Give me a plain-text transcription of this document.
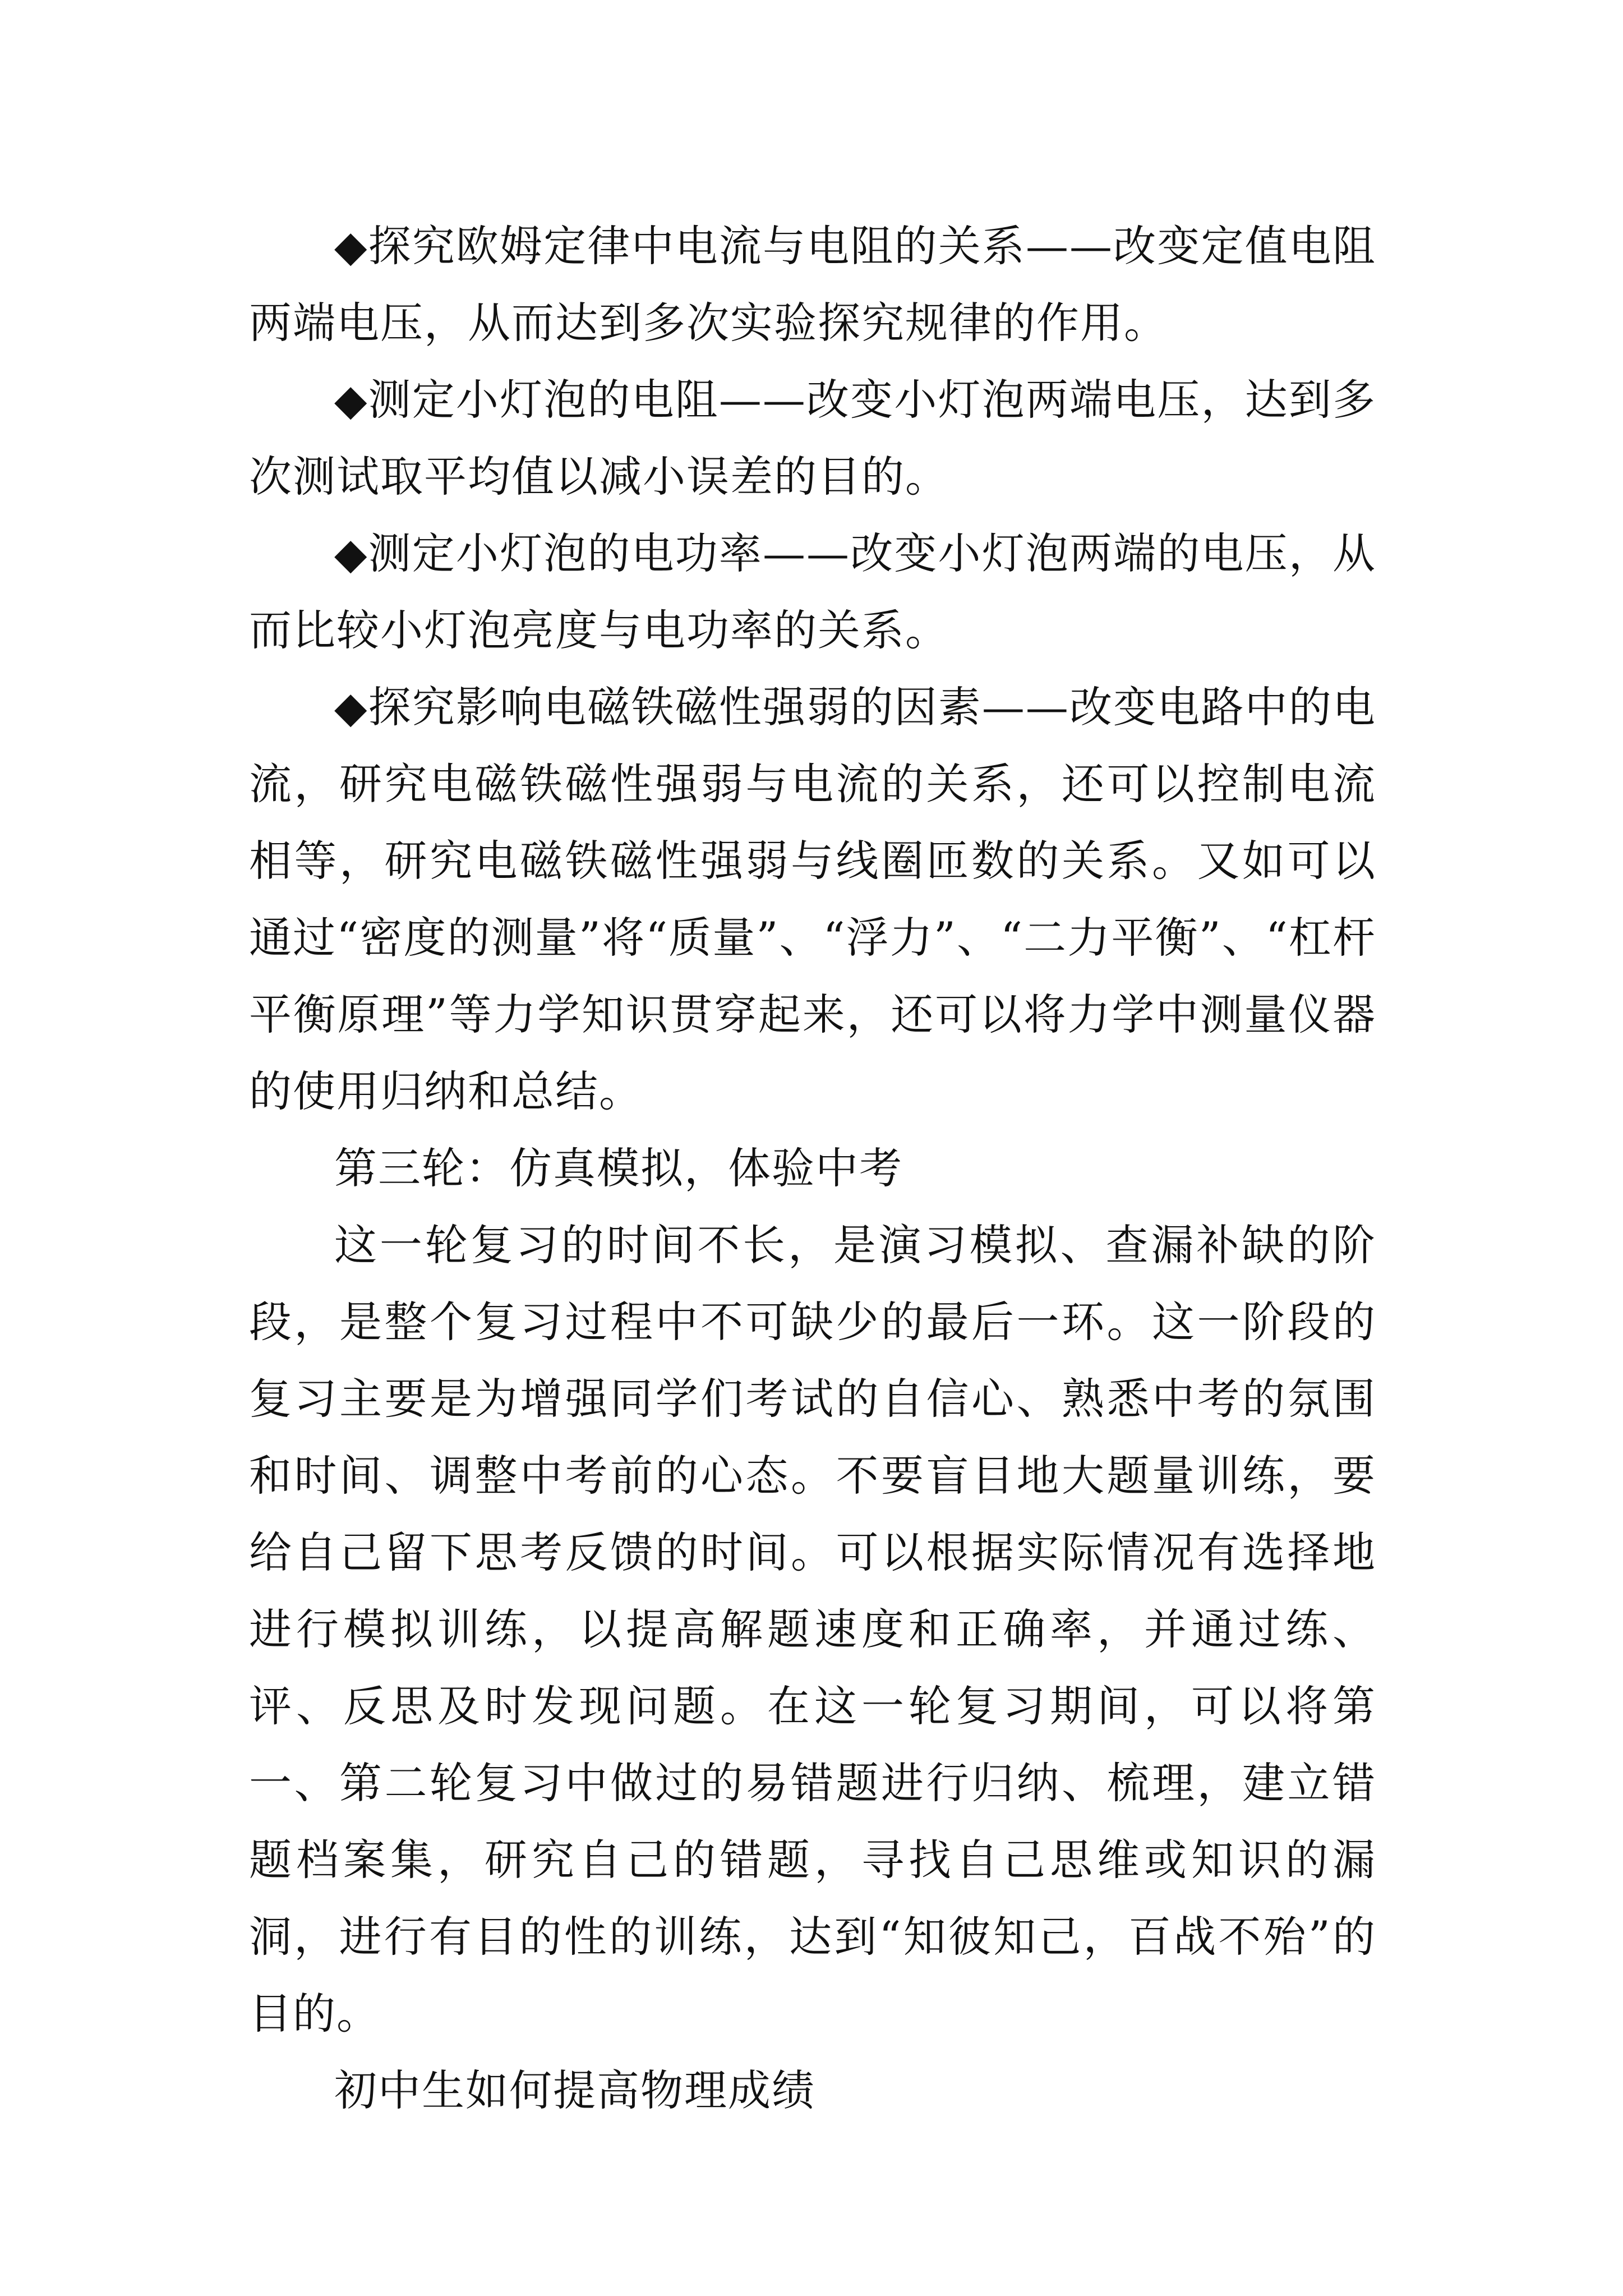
◆探究欧姆定律中电流与电阻的关系——改变定值电阻两端电压，从而达到多次实验探究规律的作用。

◆测定小灯泡的电阻——改变小灯泡两端电压，达到多次测试取平均值以减小误差的目的。

◆测定小灯泡的电功率——改变小灯泡两端的电压，从而比较小灯泡亮度与电功率的关系。

◆探究影响电磁铁磁性强弱的因素——改变电路中的电流，研究电磁铁磁性强弱与电流的关系，还可以控制电流相等，研究电磁铁磁性强弱与线圈匝数的关系。又如可以通过“密度的测量”将“质量”、“浮力”、“二力平衡”、“杠杆平衡原理”等力学知识贯穿起来，还可以将力学中测量仪器的使用归纳和总结。

第三轮：仿真模拟，体验中考

这一轮复习的时间不长，是演习模拟、查漏补缺的阶段，是整个复习过程中不可缺少的最后一环。这一阶段的复习主要是为增强同学们考试的自信心、熟悉中考的氛围和时间、调整中考前的心态。不要盲目地大题量训练，要给自己留下思考反馈的时间。可以根据实际情况有选择地进行模拟训练，以提高解题速度和正确率，并通过练、评、反思及时发现问题。在这一轮复习期间，可以将第一、第二轮复习中做过的易错题进行归纳、梳理，建立错题档案集，研究自己的错题，寻找自己思维或知识的漏洞，进行有目的性的训练，达到“知彼知己，百战不殆”的目的。

初中生如何提高物理成绩
